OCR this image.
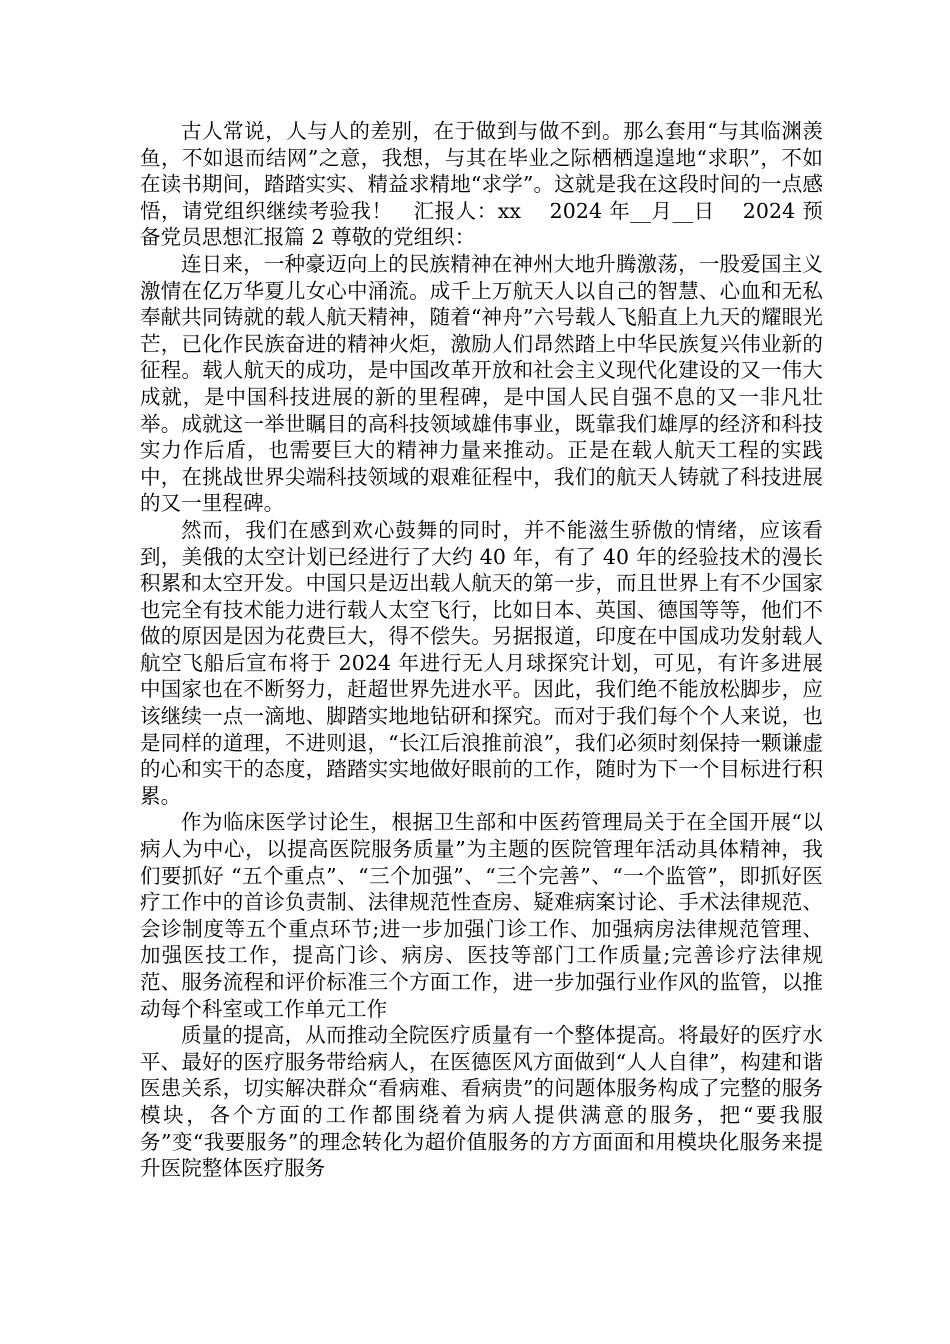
古人常说，人与人的差别，在于做到与做不到。那么套用“与其临渊羡鱼，不如退而结网”之意，我想，与其在毕业之际栖栖遑遑地“求职”，不如在读书期间，踏踏实实、精益求精地“求学”。这就是我在这段时间的一点感悟，请党组织继续考验我！　汇报人：xx　 2024 年__月__日　 2024 预备党员思想汇报篇 2 尊敬的党组织：

连日来，一种豪迈向上的民族精神在神州大地升腾激荡，一股爱国主义激情在亿万华夏儿女心中涌流。成千上万航天人以自己的智慧、心血和无私奉献共同铸就的载人航天精神，随着“神舟”六号载人飞船直上九天的耀眼光芒，已化作民族奋进的精神火炬，激励人们昂然踏上中华民族复兴伟业新的征程。载人航天的成功，是中国改革开放和社会主义现代化建设的又一伟大成就，是中国科技进展的新的里程碑，是中国人民自强不息的又一非凡壮举。成就这一举世瞩目的高科技领域雄伟事业，既靠我们雄厚的经济和科技实力作后盾，也需要巨大的精神力量来推动。正是在载人航天工程的实践中，在挑战世界尖端科技领域的艰难征程中，我们的航天人铸就了科技进展的又一里程碑。

然而，我们在感到欢心鼓舞的同时，并不能滋生骄傲的情绪，应该看到，美俄的太空计划已经进行了大约 40 年，有了 40 年的经验技术的漫长积累和太空开发。中国只是迈出载人航天的第一步，而且世界上有不少国家也完全有技术能力进行载人太空飞行，比如日本、英国、德国等等，他们不做的原因是因为花费巨大，得不偿失。另据报道，印度在中国成功发射载人航空飞船后宣布将于 2024 年进行无人月球探究计划，可见，有许多进展中国家也在不断努力，赶超世界先进水平。因此，我们绝不能放松脚步，应该继续一点一滴地、脚踏实地地钻研和探究。而对于我们每个个人来说，也是同样的道理，不进则退，“长江后浪推前浪”，我们必须时刻保持一颗谦虚的心和实干的态度，踏踏实实地做好眼前的工作，随时为下一个目标进行积累。

作为临床医学讨论生，根据卫生部和中医药管理局关于在全国开展“以病人为中心，以提高医院服务质量”为主题的医院管理年活动具体精神，我们要抓好 “五个重点”、“三个加强”、“三个完善”、“一个监管”，即抓好医疗工作中的首诊负责制、法律规范性查房、疑难病案讨论、手术法律规范、会诊制度等五个重点环节;进一步加强门诊工作、加强病房法律规范管理、加强医技工作，提高门诊、病房、医技等部门工作质量;完善诊疗法律规范、服务流程和评价标准三个方面工作，进一步加强行业作风的监管，以推动每个科室或工作单元工作

质量的提高，从而推动全院医疗质量有一个整体提高。将最好的医疗水平、最好的医疗服务带给病人，在医德医风方面做到“人人自律”，构建和谐医患关系，切实解决群众“看病难、看病贵”的问题体服务构成了完整的服务模块，各个方面的工作都围绕着为病人提供满意的服务，把“要我服务”变“我要服务”的理念转化为超价值服务的方方面面和用模块化服务来提升医院整体医疗服务
